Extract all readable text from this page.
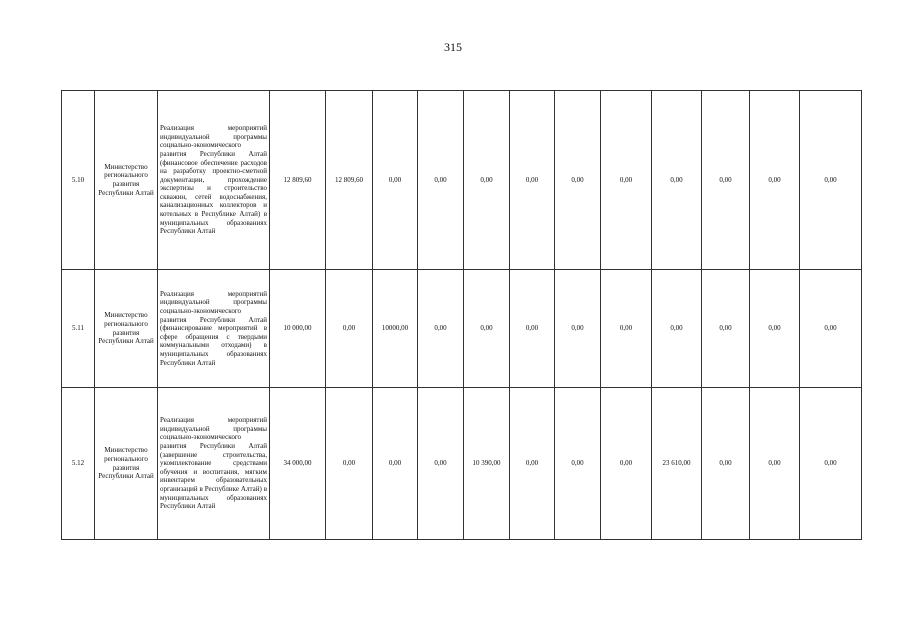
315
5.10	Министерство регионального развития Республики Алтай	Реализация мероприятий индивидуальной программы социально-экономического развития Республики Алтай (финансовое обеспечение расходов на разработку проектно-сметной документации, прохождение экспертизы и строительство скважин, сетей водоснабжения, канализационных коллекторов и котельных в Республике Алтай) в муниципальных образованиях Республики Алтай	12 809,60	12 809,60	0,00	0,00	0,00	0,00	0,00	0,00	0,00	0,00	0,00	0,00
5.11	Министерство регионального развития Республики Алтай	Реализация мероприятий индивидуальной программы социально-экономического развития Республики Алтай (финансирование мероприятий в сфере обращения с твердыми коммунальными отходами) в муниципальных образованиях Республики Алтай	10 000,00	0,00	10000,00	0,00	0,00	0,00	0,00	0,00	0,00	0,00	0,00	0,00
5.12	Министерство регионального развития Республики Алтай	Реализация мероприятий индивидуальной программы социально-экономического развития Республики Алтай (завершение строительства, укомплектование средствами обучения и воспитания, мягким инвентарем образовательных организаций в Республике Алтай) в муниципальных образованиях Республики Алтай	34 000,00	0,00	0,00	0,00	10 390,00	0,00	0,00	0,00	23 610,00	0,00	0,00	0,00
